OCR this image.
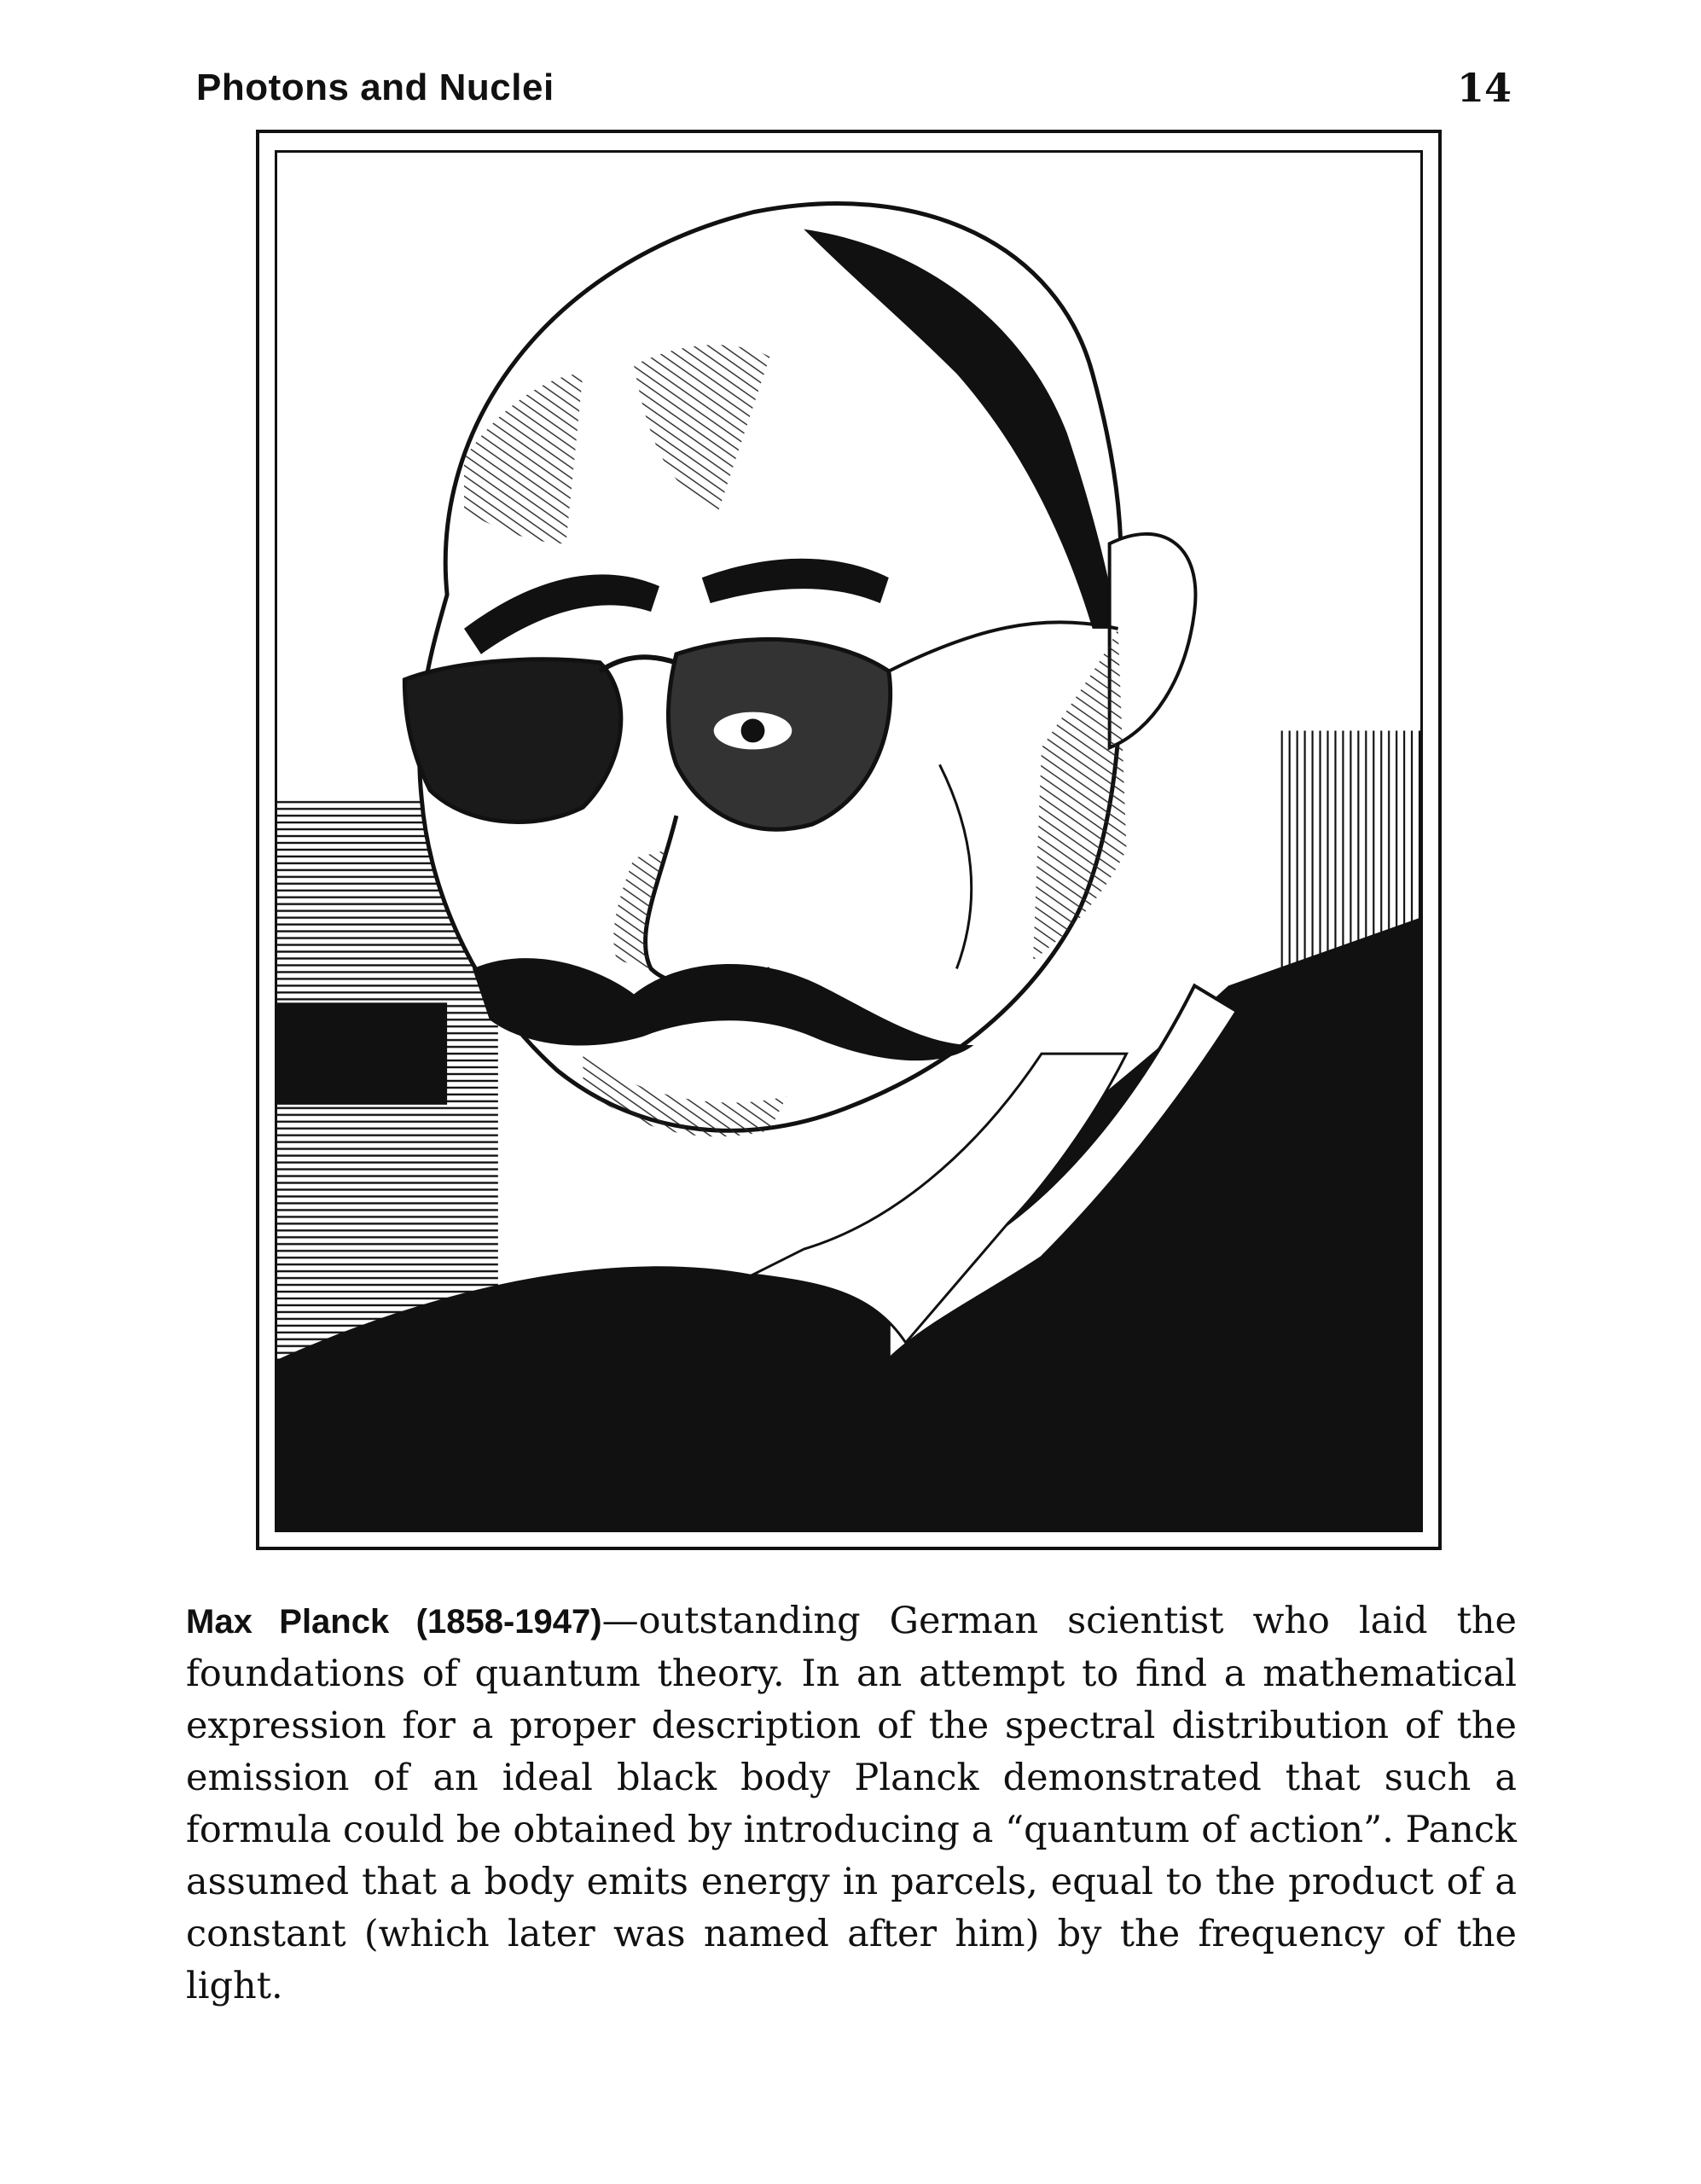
Photons and Nuclei	14
Н.ЕРШЕВСКИЙ
Max Planck (1858-1947)—outstanding German scientist who laid the foundations of quantum theory. In an attempt to find a mathematical expression for a proper description of the spectral distribution of the emission of an ideal black body Planck demonstrated that such a formula could be obtained by introducing a “quantum of action”. Panck assumed that a body emits energy in parcels, equal to the product of a constant (which later was named after him) by the frequency of the light.
